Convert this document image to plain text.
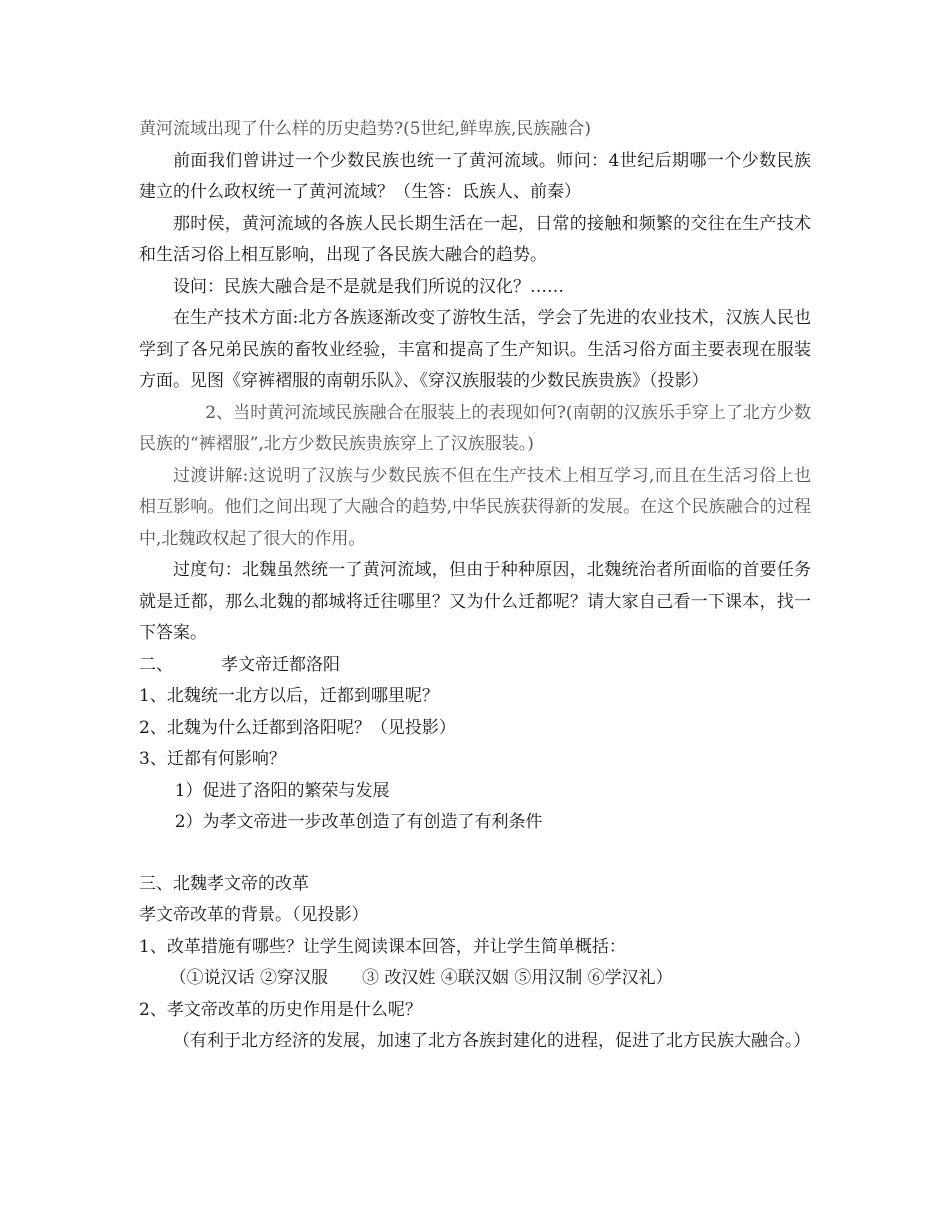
黄河流域出现了什么样的历史趋势?(5世纪,鲜卑族,民族融合)

前面我们曾讲过一个少数民族也统一了黄河流域。师问：4世纪后期哪一个少数民族建立的什么政权统一了黄河流域？（生答：氐族人、前秦）

那时侯，黄河流域的各族人民长期生活在一起，日常的接触和频繁的交往在生产技术和生活习俗上相互影响，出现了各民族大融合的趋势。

设问：民族大融合是不是就是我们所说的汉化？……

在生产技术方面:北方各族逐渐改变了游牧生活，学会了先进的农业技术，汉族人民也学到了各兄弟民族的畜牧业经验，丰富和提高了生产知识。生活习俗方面主要表现在服装方面。见图《穿裤褶服的南朝乐队》、《穿汉族服装的少数民族贵族》（投影）

2、当时黄河流域民族融合在服装上的表现如何?(南朝的汉族乐手穿上了北方少数民族的“裤褶服”,北方少数民族贵族穿上了汉族服装。)

过渡讲解:这说明了汉族与少数民族不但在生产技术上相互学习,而且在生活习俗上也相互影响。他们之间出现了大融合的趋势,中华民族获得新的发展。在这个民族融合的过程中,北魏政权起了很大的作用。

过度句：北魏虽然统一了黄河流域，但由于种种原因，北魏统治者所面临的首要任务就是迁都，那么北魏的都城将迁往哪里？又为什么迁都呢？请大家自己看一下课本，找一下答案。

二、	孝文帝迁都洛阳

1、北魏统一北方以后，迁都到哪里呢？

2、北魏为什么迁都到洛阳呢？（见投影）

3、迁都有何影响？

1）促进了洛阳的繁荣与发展

2）为孝文帝进一步改革创造了有创造了有利条件

三、北魏孝文帝的改革

孝文帝改革的背景。（见投影）

1、改革措施有哪些？让学生阅读课本回答，并让学生简单概括：

（①说汉话 ②穿汉服　　③ 改汉姓 ④联汉姻 ⑤用汉制 ⑥学汉礼）

2、孝文帝改革的历史作用是什么呢？

（有利于北方经济的发展，加速了北方各族封建化的进程，促进了北方民族大融合。）
